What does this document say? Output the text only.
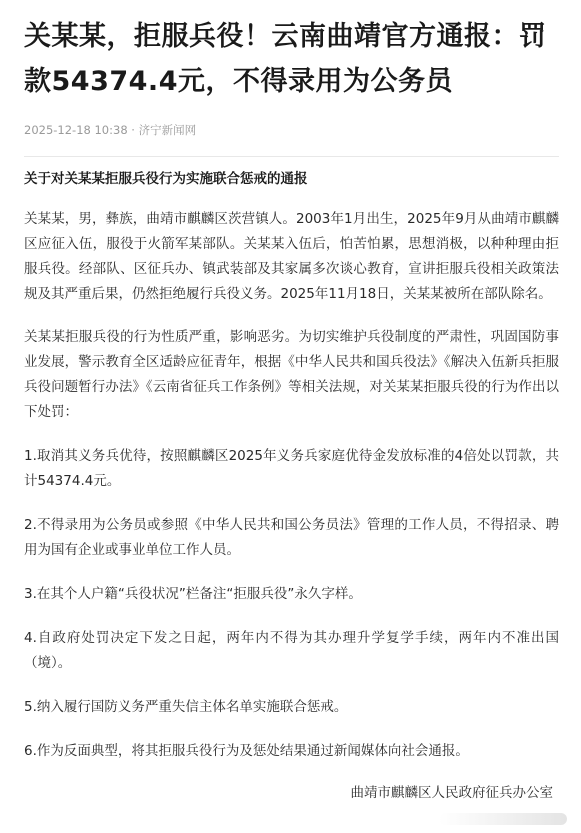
关某某，拒服兵役！云南曲靖官方通报：罚款54374.4元，不得录用为公务员
2025-12-18 10:38 · 济宁新闻网
关于对关某某拒服兵役行为实施联合惩戒的通报

关某某，男，彝族，曲靖市麒麟区茨营镇人。2003年1月出生，2025年9月从曲靖市麒麟区应征入伍，服役于火箭军某部队。关某某入伍后，怕苦怕累，思想消极，以种种理由拒服兵役。经部队、区征兵办、镇武装部及其家属多次谈心教育，宣讲拒服兵役相关政策法规及其严重后果，仍然拒绝履行兵役义务。2025年11月18日，关某某被所在部队除名。

关某某拒服兵役的行为性质严重，影响恶劣。为切实维护兵役制度的严肃性，巩固国防事业发展，警示教育全区适龄应征青年，根据《中华人民共和国兵役法》《解决入伍新兵拒服兵役问题暂行办法》《云南省征兵工作条例》等相关法规，对关某某拒服兵役的行为作出以下处罚：

1.取消其义务兵优待，按照麒麟区2025年义务兵家庭优待金发放标准的4倍处以罚款，共计54374.4元。

2.不得录用为公务员或参照《中华人民共和国公务员法》管理的工作人员，不得招录、聘用为国有企业或事业单位工作人员。

3.在其个人户籍“兵役状况”栏备注“拒服兵役”永久字样。

4.自政府处罚决定下发之日起，两年内不得为其办理升学复学手续，两年内不准出国（境）。

5.纳入履行国防义务严重失信主体名单实施联合惩戒。

6.作为反面典型，将其拒服兵役行为及惩处结果通过新闻媒体向社会通报。

曲靖市麒麟区人民政府征兵办公室
